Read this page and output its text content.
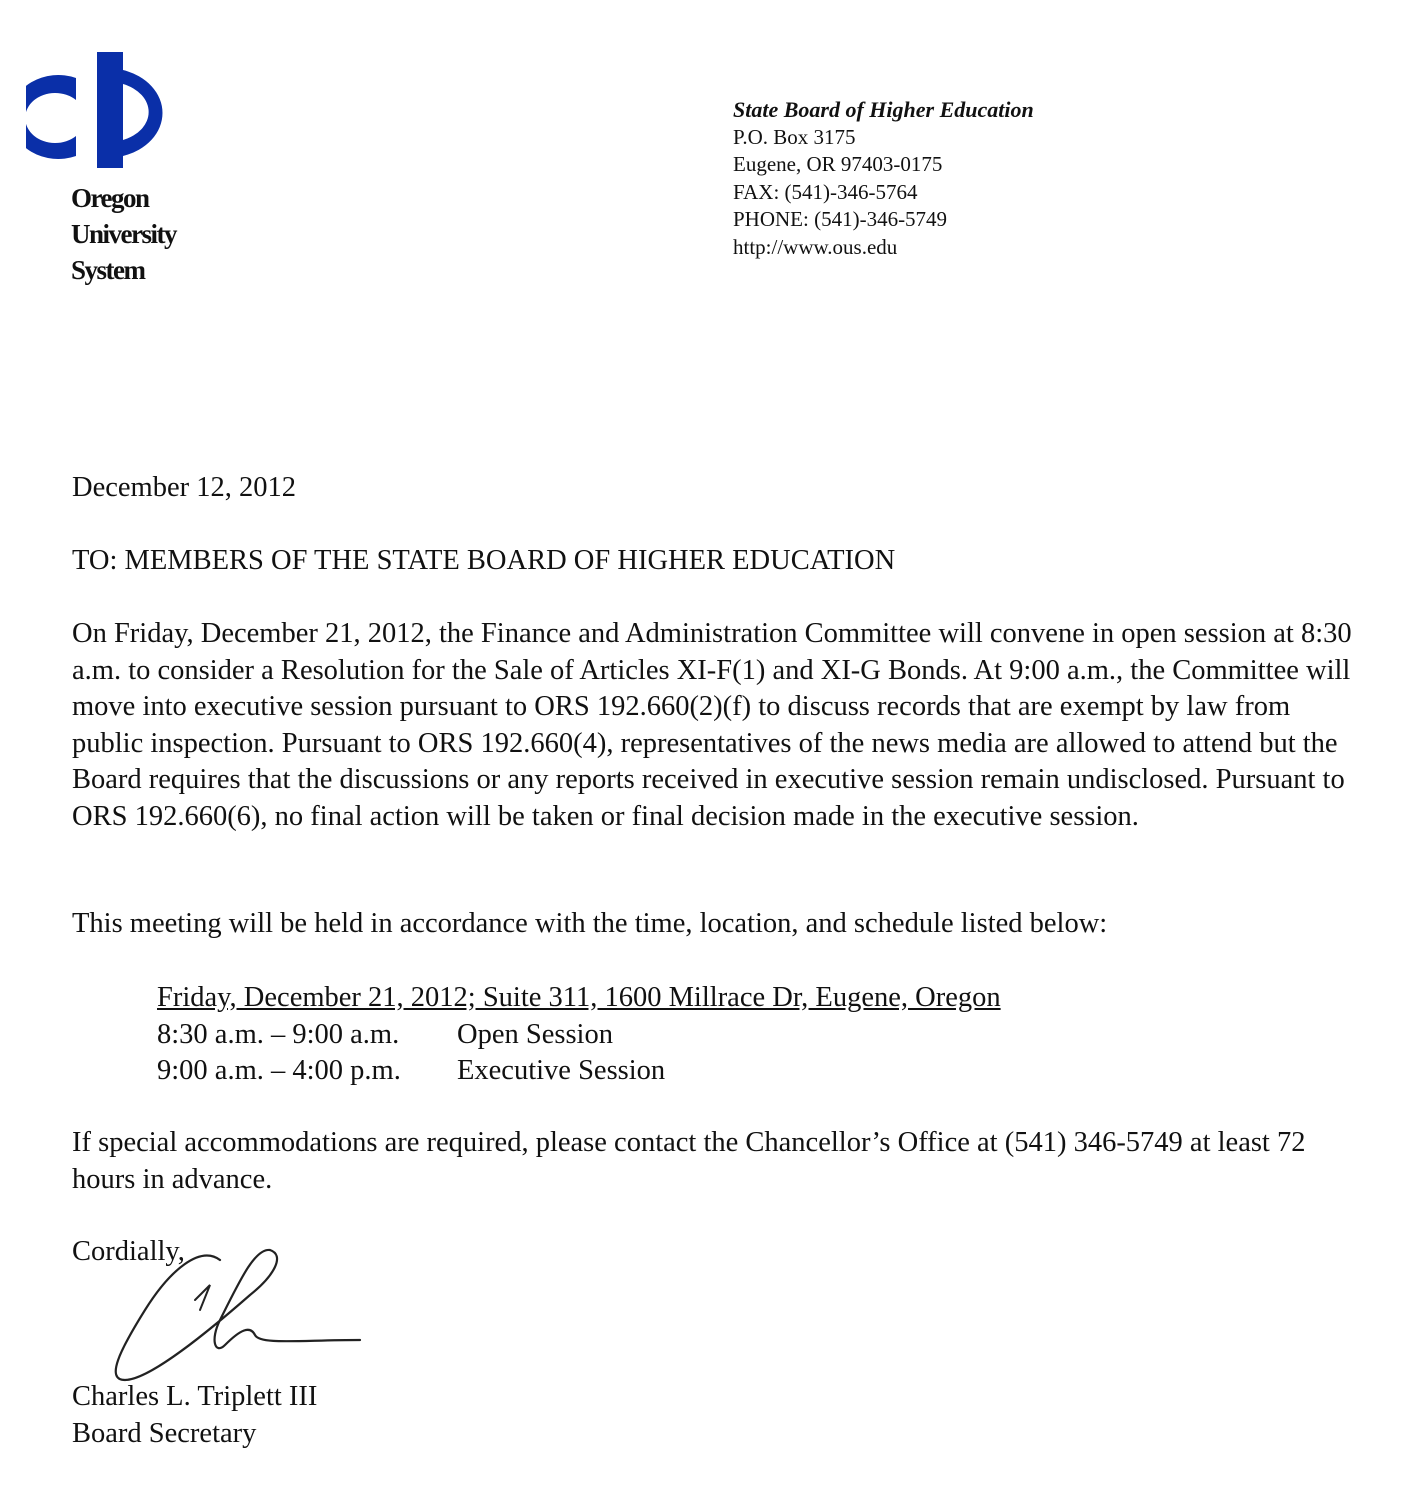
Oregon
University
System
State Board of Higher Education
P.O. Box 3175
Eugene, OR 97403-0175
FAX: (541)-346-5764
PHONE: (541)-346-5749
http://www.ous.edu
December 12, 2012
TO: MEMBERS OF THE STATE BOARD OF HIGHER EDUCATION
On Friday, December 21, 2012, the Finance and Administration Committee will convene in open session at 8:30 a.m. to consider a Resolution for the Sale of Articles XI-F(1) and XI-G Bonds. At 9:00 a.m., the Committee will move into executive session pursuant to ORS 192.660(2)(f) to discuss records that are exempt by law from public inspection. Pursuant to ORS 192.660(4), representatives of the news media are allowed to attend but the Board requires that the discussions or any reports received in executive session remain undisclosed. Pursuant to ORS 192.660(6), no final action will be taken or final decision made in the executive session.
This meeting will be held in accordance with the time, location, and schedule listed below:
Friday, December 21, 2012; Suite 311, 1600 Millrace Dr, Eugene, Oregon
8:30 a.m. – 9:00 a.m.	Open Session
9:00 a.m. – 4:00 p.m.	Executive Session
If special accommodations are required, please contact the Chancellor’s Office at (541) 346-5749 at least 72 hours in advance.
Cordially,
Charles L. Triplett III
Board Secretary
